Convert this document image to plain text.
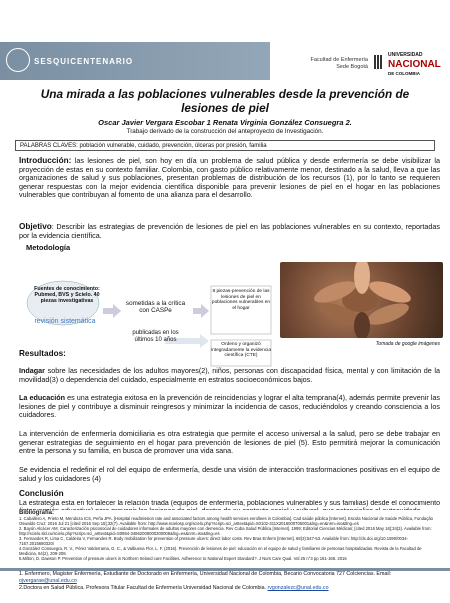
SESQUICENTENARIO	Facultad de Enfermería
Sede Bogotá
UNIVERSIDAD
NACIONAL
DE COLOMBIA
Una mirada a las poblaciones vulnerables desde la prevención de lesiones de piel
Oscar Javier Vergara Escobar 1 Renata Virginia González Consuegra 2.
Trabajo derivado de la construcción del anteproyecto de Investigación.
PALABRAS CLAVES: población vulnerable, cuidado, prevención, úlceras por presión, familia
Introducción: las lesiones de piel, son hoy en día un problema de salud pública y desde enfermería se debe visibilizar la proyección de estas en su contexto familiar. Colombia, con gasto público relativamente menor, destinado a la salud, lleva a que las organizaciones de salud y sus poblaciones, presentan problemas de distribución de los recursos (1), por lo tanto se requieren generar respuestas con la mejor evidencia científica disponible para prevenir lesiones de piel en el hogar en las poblaciones vulnerables que contribuyan al fomento de una alianza para el desarrollo.
Objetivo: Describir las estrategias de prevención de lesiones de piel en las poblaciones vulnerables en su contexto, reportadas por la evidencia científica.
Metodología
Fuentes de conocimiento: Pubmed, BVS y Scielo. 40 piezas investigativas
revisión sistemática
sometidas a la crítica con CASPe
publicadas en los últimos 10 años
8 piezas-prevención de las lesiones de piel en poblaciones vulnerables en el hogar
Ordeno y organizó integradamente la evidencia científica (CTE)
Tomada de google imágenes
Resultados:
Indagar sobre las necesidades de los adultos mayores(2), niños, personas con discapacidad física, mental y con limitación de la movilidad(3) o dependencia del cuidado, especialmente en estratos socioeconómicos bajos.
La educación es una estrategia exitosa en la prevención de reincidencias y lograr el alta temprana(4), además permite prevenir las lesiones de piel y contribuye a disminuir reingresos y minimizar la incidencia de casos, reduciéndolos y creando consciencia a los cuidadores.
La intervención de enfermería domiciliaria es otra estrategia que permite el acceso universal a la salud, pero se debe trabajar en generar estrategias de seguimiento en el hogar para prevención de lesiones de piel (5). Esto permitirá mejorar la comunicación entre la persona y su familia, en busca de promover una vida sana.
Se evidencia el redefinir el rol del equipo de enfermería, desde una visión de interacción trasformaciones positivas en el equipo de salud y los cuidadores (4)
Conclusión
La estrategia esta en fortalecer la relación triada (equipos de enfermería, poblaciones vulnerables y sus familias) desde el conocimiento
Bibliografía:
1. Caballero A, Prieto M, Mendoza ICS, Peña JPA. [Hospital readmission rate and associated factors among health services enrollees in Colombia]. Cad saúde pública [Internet]. Escola Nacional de Saúde Pública, Fundação Oswaldo Cruz; 2016 Jul 21 [cited 2016 Sep 15];32(7). Available from: http://www.scielosp.org/scielo.php?script=sci_arttext&pid=S0102-311X2016000705001&lng=en&nrm=iso&tlng=es
2. Bayón Alcácer AM. Caracterización psicosocial de cuidadores informales de adultos mayores con demencia. Rev Cuba Salud Pública [Internet]. 1999; Editorial Ciencias Médicas; [cited 2016 May 16];34(3). Available from: http://scielo.sld.cu/scielo.php?script=sci_arttext&pid=S0864-34662008000300008&lng=es&nrm=iso&tlng=es
3. Fernandes R, Lima C, Caldeira V, Fernandes R. Body mobilization for prevention of pressure ulcers: direct labor costs. Rev Bras Enferm [Internet]. 68(3):547-53. Available from: http://dx.doi.org/10.1590/0034-7167.2015680320i
4.González Consuegra, R. V., Pérez Valderrama, G. C., & Valbuena Flor, L. F. (2016). Prevención de lesiones de piel: educación en el equipo de salud y familiares de personas hospitalizadas. Revista de la Facultad de Medicina, 64(2), 209-208.
5.Milton, D. Dawson P. Prevention of pressure ulcers in Northern Ireland care Facilities. Adherence to National Expert Standard?. J Nurs Care Qual. Vol 25 n°3 pp 161-168. 2016
1. Enfermero, Magister Enfermería, Estudiante de Doctorado en Enfermería, Universidad Nacional de Colombia, Becario Convocatoria 727 Colciencias. Email: ojvergarae@unal.edu.co
2.Doctora en Salud Pública. Profesora Titular Facultad de Enfermería Universidad Nacional de Colombia. rvgonzalezc@unal.edu.co
